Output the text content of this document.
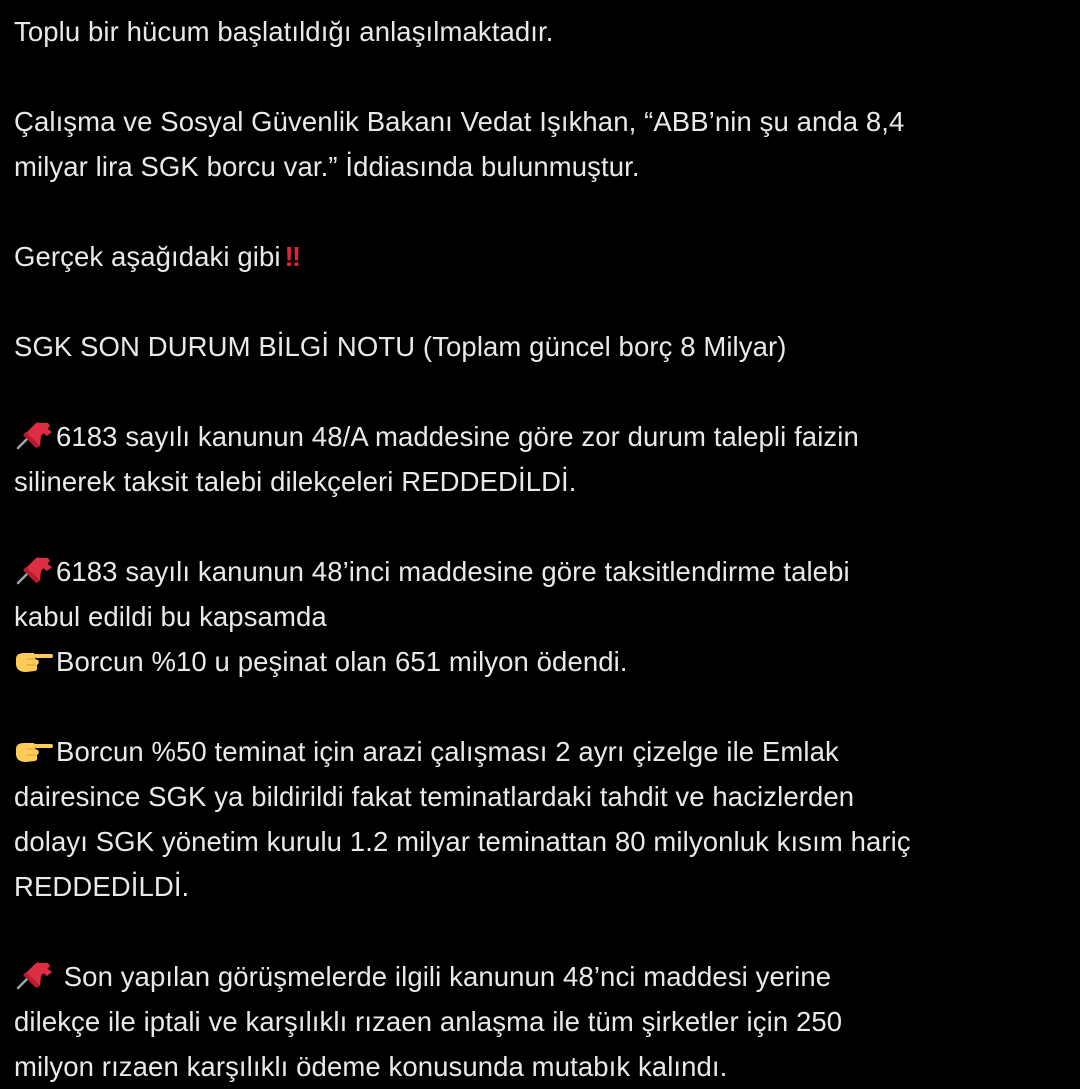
Toplu bir hücum başlatıldığı anlaşılmaktadır.
Çalışma ve Sosyal Güvenlik Bakanı Vedat Işıkhan, “ABB’nin şu anda 8,4
milyar lira SGK borcu var.” İddiasında bulunmuştur.
Gerçek aşağıdaki gibi ‼
SGK SON DURUM BİLGİ NOTU (Toplam güncel borç 8 Milyar)
6183 sayılı kanunun 48/A maddesine göre zor durum talepli faizin
silinerek taksit talebi dilekçeleri REDDEDİLDİ.
6183 sayılı kanunun 48’inci maddesine göre taksitlendirme talebi
kabul edildi bu kapsamda
Borcun %10 u peşinat olan 651 milyon ödendi.
Borcun %50 teminat için arazi çalışması 2 ayrı çizelge ile Emlak
dairesince SGK ya bildirildi fakat teminatlardaki tahdit ve hacizlerden
dolayı SGK yönetim kurulu 1.2 milyar teminattan 80 milyonluk kısım hariç
REDDEDİLDİ.
Son yapılan görüşmelerde ilgili kanunun 48’nci maddesi yerine
dilekçe ile iptali ve karşılıklı rızaen anlaşma ile tüm şirketler için 250
milyon rızaen karşılıklı ödeme konusunda mutabık kalındı.
